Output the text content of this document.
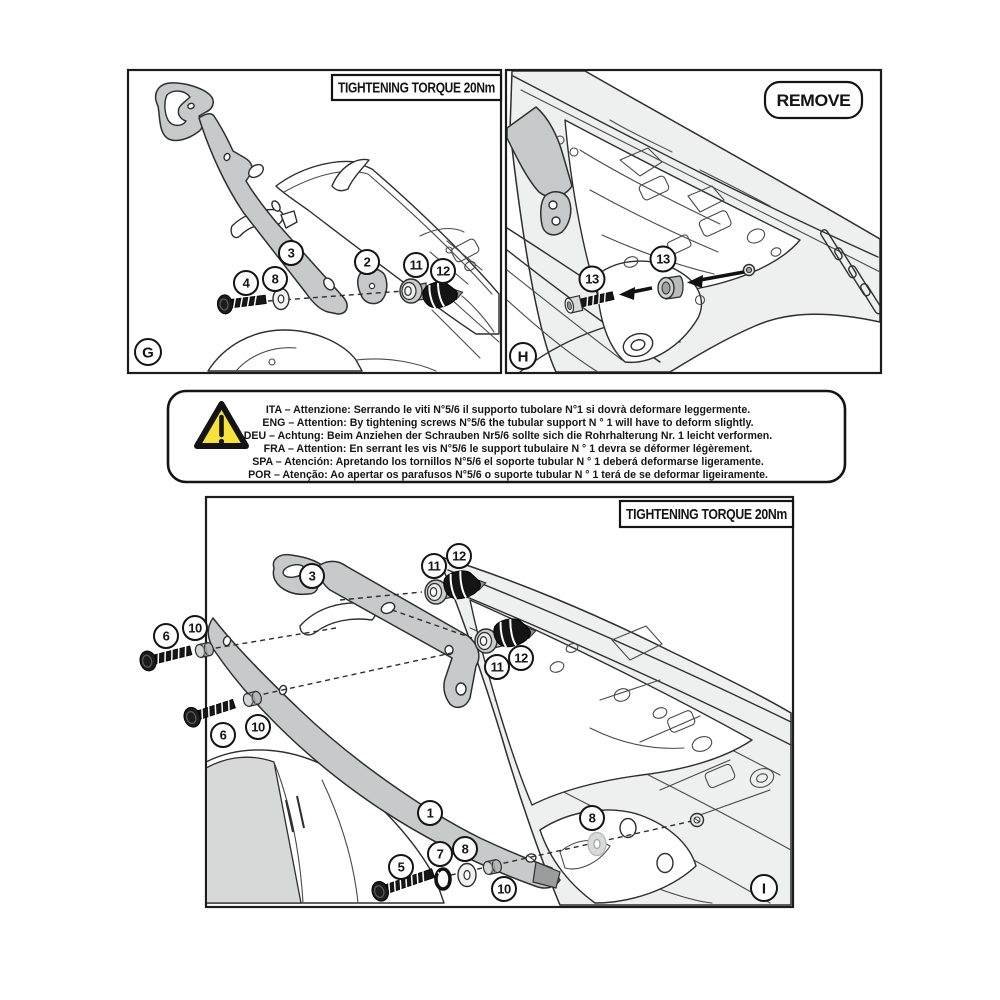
TIGHTENING TORQUE 20Nm
3
2	11 12
4 8
G
REMOVE
13
13
H
ITA – Attenzione: Serrando le viti N°5/6 il supporto tubolare N°1 si dovrà deformare leggermente.
ENG – Attention: By tightening screws N°5/6 the tubular support N ° 1 will have to deform slightly.
DEU – Achtung: Beim Anziehen der Schrauben Nr5/6 sollte sich die Rohrhalterung Nr. 1 leicht verformen.
FRA – Attention: En serrant les vis N°5/6 le support tubulaire N ° 1 devra se déformer légèrement.
SPA – Atención: Apretando los tornillos N°5/6 el soporte tubular N ° 1 deberá deformarse ligeramente.
POR – Atenção: Ao apertar os parafusos N°5/6 o suporte tubular N ° 1 terá de se deformar ligeiramente.
TIGHTENING TORQUE 20Nm
3
11
12
11
12
6
10
6
10
1
5
7 8
10
8
I
